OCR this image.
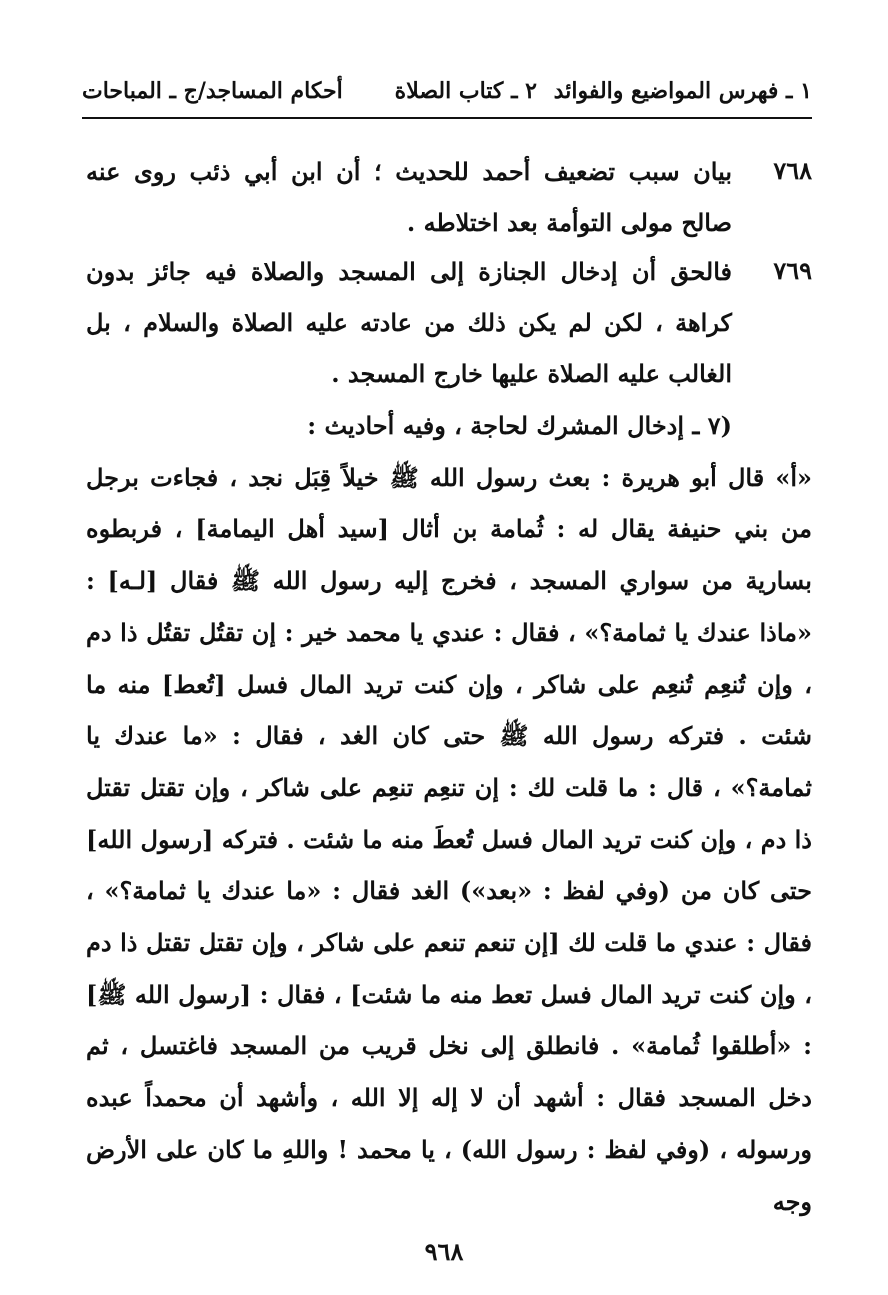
١ ـ فهرس المواضيع والفوائد
٢ ـ كتاب الصلاة
أحكام المساجد/ج ـ المباحات
٧٦٨
بيان سبب تضعيف أحمد للحديث ؛ أن ابن أبي ذئب روى عنه صالح مولى التوأمة بعد اختلاطه .
٧٦٩
فالحق أن إدخال الجنازة إلى المسجد والصلاة فيه جائز بدون كراهة ، لكن لم يكن ذلك من عادته عليه الصلاة والسلام ، بل الغالب عليه الصلاة عليها خارج المسجد .
(٧ ـ إدخال المشرك لحاجة ، وفيه أحاديث :
«أ» قال أبو هريرة : بعث رسول الله ﷺ خيلاً قِبَل نجد ، فجاءت برجل من بني حنيفة يقال له : ثُمامة بن أثال [سيد أهل اليمامة] ، فربطوه بسارية من سواري المسجد ، فخرج إليه رسول الله ﷺ فقال [لـه] : «ماذا عندك يا ثمامة؟» ، فقال : عندي يا محمد خير : إن تقتُل تقتُل ذا دم ، وإن تُنعِم تُنعِم على شاكر ، وإن كنت تريد المال فسل [تُعط] منه ما شئت . فتركه رسول الله ﷺ حتى كان الغد ، فقال : «ما عندك يا ثمامة؟» ، قال : ما قلت لك : إن تنعِم تنعِم على شاكر ، وإن تقتل تقتل ذا دم ، وإن كنت تريد المال فسل تُعطَ منه ما شئت . فتركه [رسول الله] حتى كان من (وفي لفظ : «بعد») الغد فقال : «ما عندك يا ثمامة؟» ، فقال : عندي ما قلت لك [إن تنعم تنعم على شاكر ، وإن تقتل تقتل ذا دم ، وإن كنت تريد المال فسل تعط منه ما شئت] ، فقال : [رسول الله ﷺ] : «أطلقوا ثُمامة» . فانطلق إلى نخل قريب من المسجد فاغتسل ، ثم دخل المسجد فقال : أشهد أن لا إله إلا الله ، وأشهد أن محمداً عبده ورسوله ، (وفي لفظ : رسول الله) ، يا محمد ! واللهِ ما كان على الأرض وجه
٩٦٨
